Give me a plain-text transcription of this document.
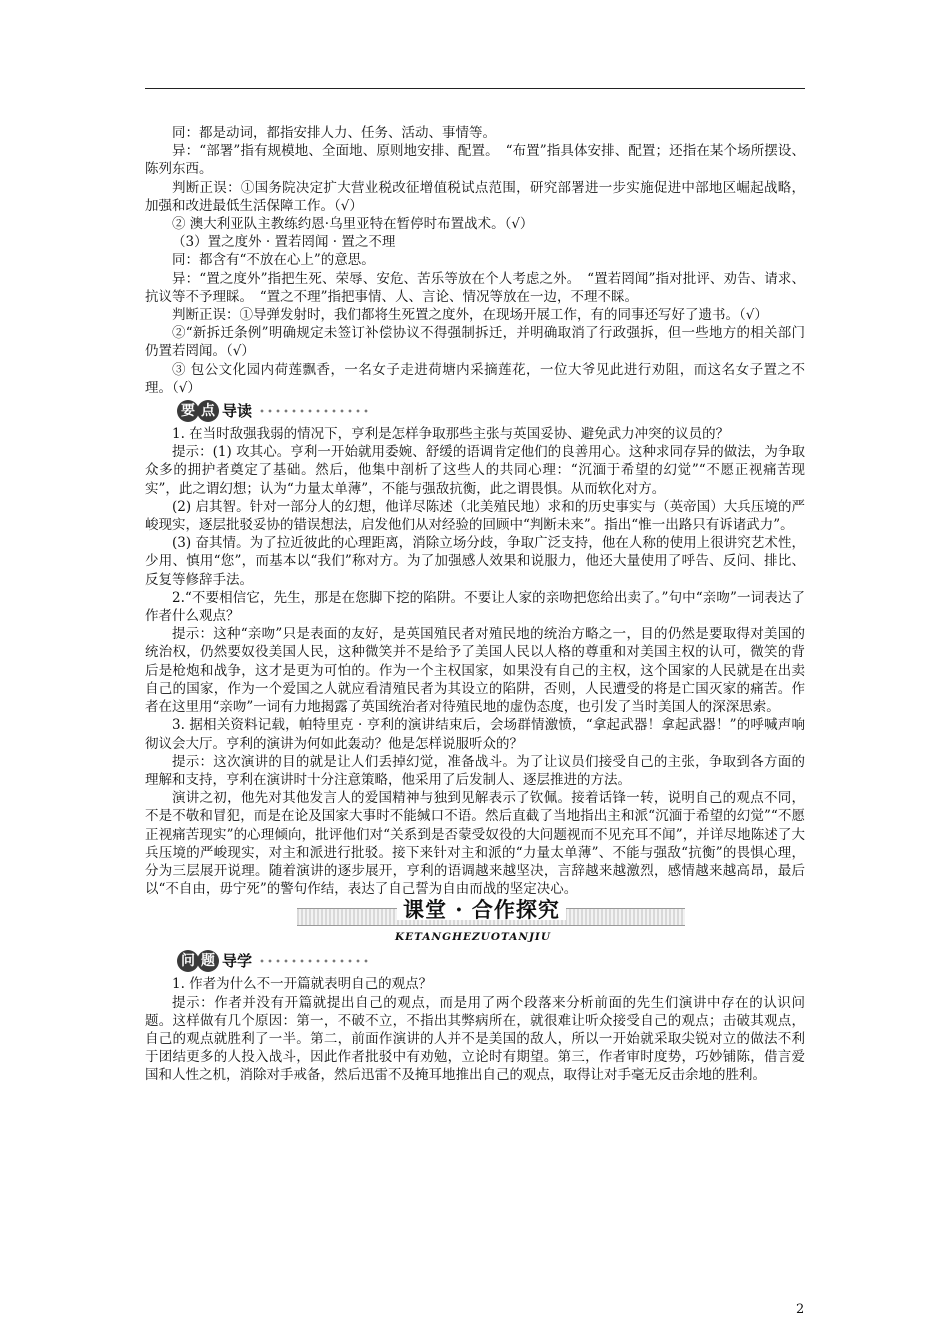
同：都是动词，都指安排人力、任务、活动、事情等。

异：“部署”指有规模地、全面地、原则地安排、配置。　“布置”指具体安排、配置；还指在某个场所摆设、陈列东西。

判断正误：①国务院决定扩大营业税改征增值税试点范围，研究部署进一步实施促进中部地区崛起战略，加强和改进最低生活保障工作。（√）

② 澳大利亚队主教练约恩·乌里亚特在暂停时布置战术。（√）

（3）置之度外 · 置若罔闻 · 置之不理

同：都含有“不放在心上”的意思。

异：“置之度外”指把生死、荣辱、安危、苦乐等放在个人考虑之外。　“置若罔闻”指对批评、劝告、请求、抗议等不予理睬。　“置之不理”指把事情、人、言论、情况等放在一边，不理不睬。

判断正误：①导弹发射时，我们都将生死置之度外，在现场开展工作，有的同事还写好了遗书。（√）

②“新拆迁条例”明确规定未签订补偿协议不得强制拆迁，并明确取消了行政强拆，但一些地方的相关部门仍置若罔闻。（√）

③ 包公文化园内荷莲飘香，一名女子走进荷塘内采摘莲花，一位大爷见此进行劝阻，而这名女子置之不理。（√）

要 点 导读

1. 在当时敌强我弱的情况下，亨利是怎样争取那些主张与英国妥协、避免武力冲突的议员的？

提示：(1) 攻其心。亨利一开始就用委婉、舒缓的语调肯定他们的良善用心。这种求同存异的做法，为争取众多的拥护者奠定了基础。然后，他集中剖析了这些人的共同心理：“沉湎于希望的幻觉”“不愿正视痛苦现实”，此之谓幻想；认为“力量太单薄”，不能与强敌抗衡，此之谓畏惧。从而软化对方。

(2) 启其智。针对一部分人的幻想，他详尽陈述（北美殖民地）求和的历史事实与（英帝国）大兵压境的严峻现实，逐层批驳妥协的错误想法，启发他们从对经验的回顾中“判断未来”。指出“惟一出路只有诉诸武力”。

(3) 奋其情。为了拉近彼此的心理距离，消除立场分歧，争取广泛支持，他在人称的使用上很讲究艺术性，少用、慎用“您”，而基本以“我们”称对方。为了加强感人效果和说服力，他还大量使用了呼告、反问、排比、反复等修辞手法。

2.“不要相信它，先生，那是在您脚下挖的陷阱。不要让人家的亲吻把您给出卖了。”句中“亲吻”一词表达了作者什么观点？

提示：这种“亲吻”只是表面的友好，是英国殖民者对殖民地的统治方略之一，目的仍然是要取得对美国的统治权，仍然要奴役美国人民，这种微笑并不是给予了美国人民以人格的尊重和对美国主权的认可，微笑的背后是枪炮和战争，这才是更为可怕的。作为一个主权国家，如果没有自己的主权，这个国家的人民就是在出卖自己的国家，作为一个爱国之人就应看清殖民者为其设立的陷阱，否则，人民遭受的将是亡国灭家的痛苦。作者在这里用“亲吻”一词有力地揭露了英国统治者对待殖民地的虚伪态度，也引发了当时美国人的深深思索。

3. 据相关资料记载，帕特里克 · 亨利的演讲结束后，会场群情激愤，“拿起武器！拿起武器！”的呼喊声响彻议会大厅。亨利的演讲为何如此轰动？他是怎样说服听众的？

提示：这次演讲的目的就是让人们丢掉幻觉，准备战斗。为了让议员们接受自己的主张，争取到各方面的理解和支持，亨利在演讲时十分注意策略，他采用了后发制人、逐层推进的方法。

演讲之初，他先对其他发言人的爱国精神与独到见解表示了钦佩。接着话锋一转，说明自己的观点不同，不是不敬和冒犯，而是在论及国家大事时不能缄口不语。然后直截了当地指出主和派“沉湎于希望的幻觉”“不愿正视痛苦现实”的心理倾向，批评他们对“关系到是否蒙受奴役的大问题视而不见充耳不闻”，并详尽地陈述了大兵压境的严峻现实，对主和派进行批驳。接下来针对主和派的“力量太单薄”、不能与强敌“抗衡”的畏惧心理，分为三层展开说理。随着演讲的逐步展开，亨利的语调越来越坚决，言辞越来越激烈，感情越来越高昂，最后以“不自由，毋宁死”的警句作结，表达了自己誓为自由而战的坚定决心。

课堂 · 合作探究
KETANGHEZUOTANJIU
问 题 导学

1. 作者为什么不一开篇就表明自己的观点？

提示：作者并没有开篇就提出自己的观点，而是用了两个段落来分析前面的先生们演讲中存在的认识问题。这样做有几个原因：第一，不破不立，不指出其弊病所在，就很难让听众接受自己的观点；击破其观点，自己的观点就胜利了一半。第二，前面作演讲的人并不是美国的敌人，所以一开始就采取尖锐对立的做法不利于团结更多的人投入战斗，因此作者批驳中有劝勉，立论时有期望。第三，作者审时度势，巧妙铺陈，借言爱国和人性之机，消除对手戒备，然后迅雷不及掩耳地推出自己的观点，取得让对手毫无反击余地的胜利。

2
